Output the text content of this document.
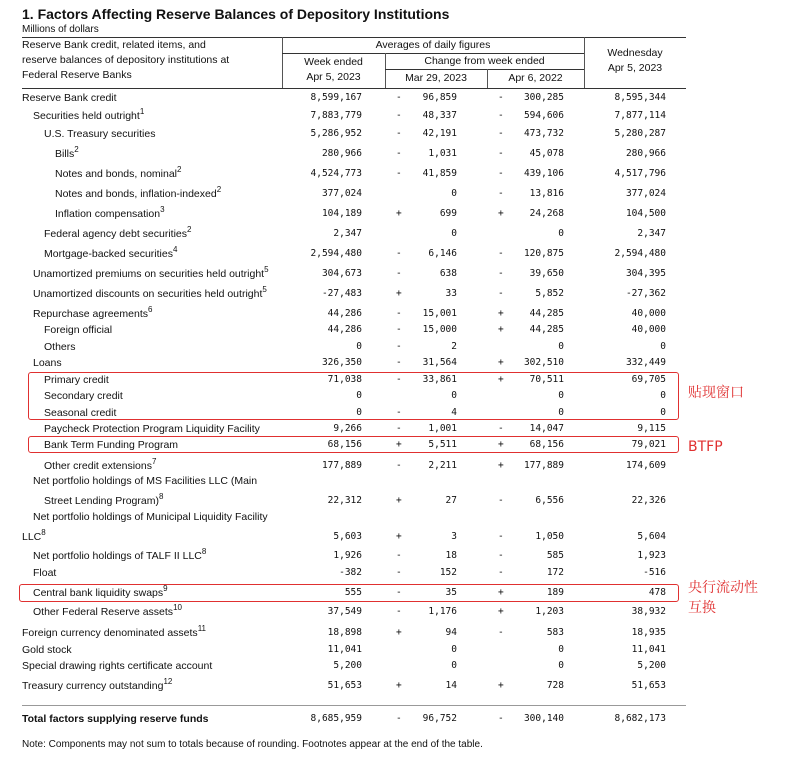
1. Factors Affecting Reserve Balances of Depository Institutions
Millions of dollars
Reserve Bank credit, related items, and
reserve balances of depository institutions at
Federal Reserve Banks
Averages of daily figures
Week ended
Apr 5, 2023
Change from week ended
Mar 29, 2023	Apr 6, 2022
Wednesday
Apr 5, 2023
Reserve Bank credit	8,599,167	- 96,859	- 300,285	8,595,344
Securities held outright$^1$	7,883,779	- 48,337	- 594,606	7,877,114
U.S. Treasury securities	5,286,952	- 42,191	- 473,732	5,280,287
Bills$^2$	280,966	-	1,031	-	45,078	280,966
Notes and bonds, nominal$^2$	4,524,773	- 41,859	- 439,106	4,517,796
Notes and bonds, inflation-indexed$^2$	377,024	0	-	13,816	377,024
Inflation compensation$^3$	104,189	+	699	+	24,268	104,500
Federal agency debt securities$^2$	2,347	0	0	2,347
Mortgage-backed securities$^4$	2,594,480	-	6,146	- 120,875	2,594,480
Unamortized premiums on securities held outright$^5$	304,673	-	638	-	39,650	304,395
Unamortized discounts on securities held outright$^5$	-27,483	+	33	-	5,852	-27,362
Repurchase agreements$^6$	44,286	- 15,001	+	44,285	40,000
Foreign official	44,286	- 15,000	+	44,285	40,000
Others	0	-	2	0	0
Loans	326,350	- 31,564	+ 302,510	332,449
Primary credit	71,038	- 33,861	+	70,511	69,705
Secondary credit	0	0	0	0
Seasonal credit	0	-	4	0	0
Paycheck Protection Program Liquidity Facility	9,266	-	1,001	-	14,047	9,115
Bank Term Funding Program	68,156	+	5,511	+	68,156	79,021
Other credit extensions$^7$	177,889	-	2,211	+ 177,889	174,609
Net portfolio holdings of MS Facilities LLC (Main
Street Lending Program)$^8$	22,312	+	27	-	6,556	22,326
Net portfolio holdings of Municipal Liquidity Facility
LLC$^8$	5,603	+	3	-	1,050	5,604
Net portfolio holdings of TALF II LLC$^8$	1,926	-	18	-	585	1,923
Float	-382	-	152	-	172	-516
Central bank liquidity swaps$^9$	555	-	35	+	189	478
Other Federal Reserve assets$^{10}$	37,549	-	1,176	+	1,203	38,932
Foreign currency denominated assets$^{11}$	18,898	+	94	-	583	18,935
Gold stock	11,041	0	0	11,041
Special drawing rights certificate account	5,200	0	0	5,200
Treasury currency outstanding$^{12}$	51,653	+	14	+	728	51,653
Total factors supplying reserve funds	8,685,959	- 96,752	- 300,140	8,682,173
贴现窗口
BTFP
央行流动性
互换
Note: Components may not sum to totals because of rounding. Footnotes appear at the end of the table.
